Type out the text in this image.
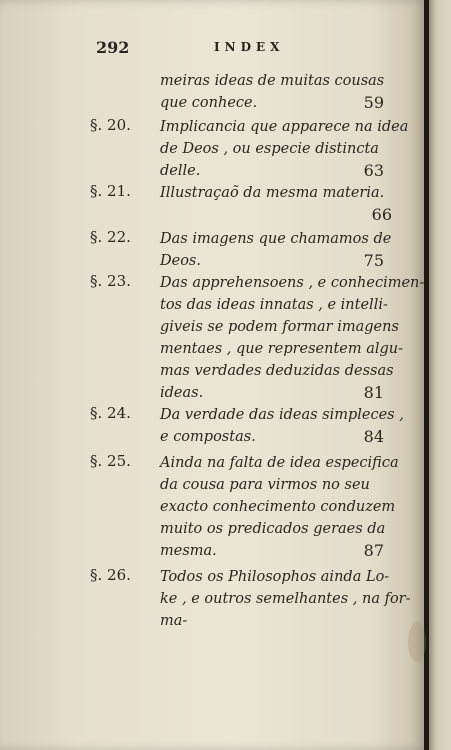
292	INDEX
meiras ideas de muitas cousas
que conhece.	59
§. 20. Implicancia que apparece na idea
de Deos , ou especie distincta
delle.	63
§. 21. Illustraçaõ da mesma materia.
66
§. 22. Das imagens que chamamos de
Deos.	75
§. 23. Das apprehensoens , e conhecimen-
tos das ideas innatas , e intelli-
giveis se podem formar imagens
mentaes , que representem algu-
mas verdades deduzidas dessas
ideas.	81
§. 24. Da verdade das ideas simpleces ,
e compostas.	84
§. 25. Ainda na falta de idea especifica
da cousa para virmos no seu
exacto conhecimento conduzem
muito os predicados geraes da
mesma.	87
§. 26. Todos os Philosophos ainda Lo-
ke , e outros semelhantes , na for-
ma-
